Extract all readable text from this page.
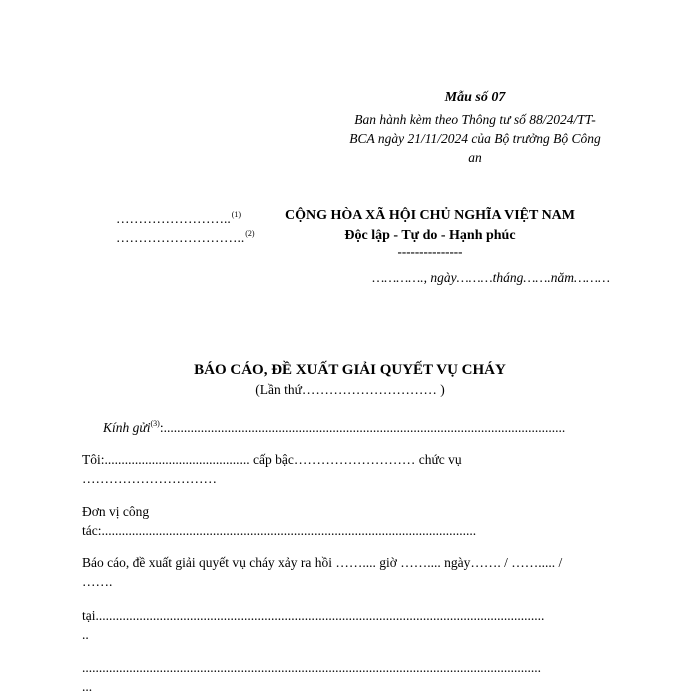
Mẫu số 07
Ban hành kèm theo Thông tư số 88/2024/TT-
BCA ngày 21/11/2024 của Bộ trưởng Bộ Công
an
……………………..$^{(1)}$
………………………..$^{(2)}$
CỘNG HÒA XÃ HỘI CHỦ NGHĨA VIỆT NAM
Độc lập - Tự do - Hạnh phúc
---------------
…………., ngày………tháng…….năm………
BÁO CÁO, ĐỀ XUẤT GIẢI QUYẾT VỤ CHÁY
(Lần thứ………………………… )
Kính gửi$^{(3)}$:.......................................................................................................................
Tôi:........................................... cấp bậc……………………… chức vụ
…………………………
Đơn vị công
tác:...............................................................................................................
Báo cáo, đề xuất giải quyết vụ cháy xảy ra hồi …….... giờ …….... ngày……. / ……..... /
…….
tại.....................................................................................................................................
..
........................................................................................................................................
...
